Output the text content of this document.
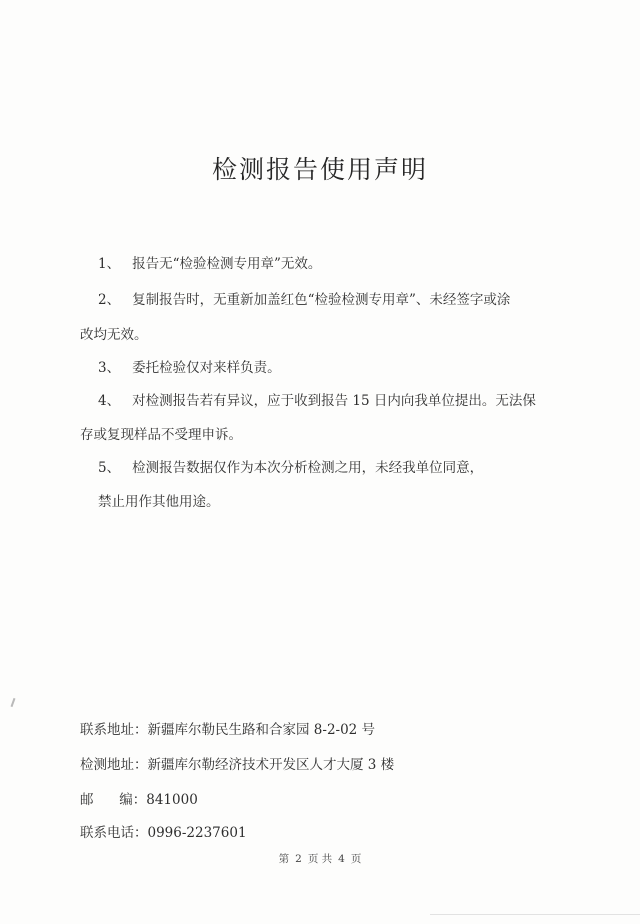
检测报告使用声明
1、 报告无“检验检测专用章”无效。
2、 复制报告时，无重新加盖红色“检验检测专用章”、未经签字或涂
改均无效。
3、 委托检验仅对来样负责。
4、 对检测报告若有异议，应于收到报告 15 日内向我单位提出。无法保
存或复现样品不受理申诉。
5、 检测报告数据仅作为本次分析检测之用，未经我单位同意，
禁止用作其他用途。
联系地址：新疆库尔勒民生路和合家园 8-2-02 号
检测地址：新疆库尔勒经济技术开发区人才大厦 3 楼
邮      编：841000
联系电话：0996-2237601
第 2 页 共 4 页
